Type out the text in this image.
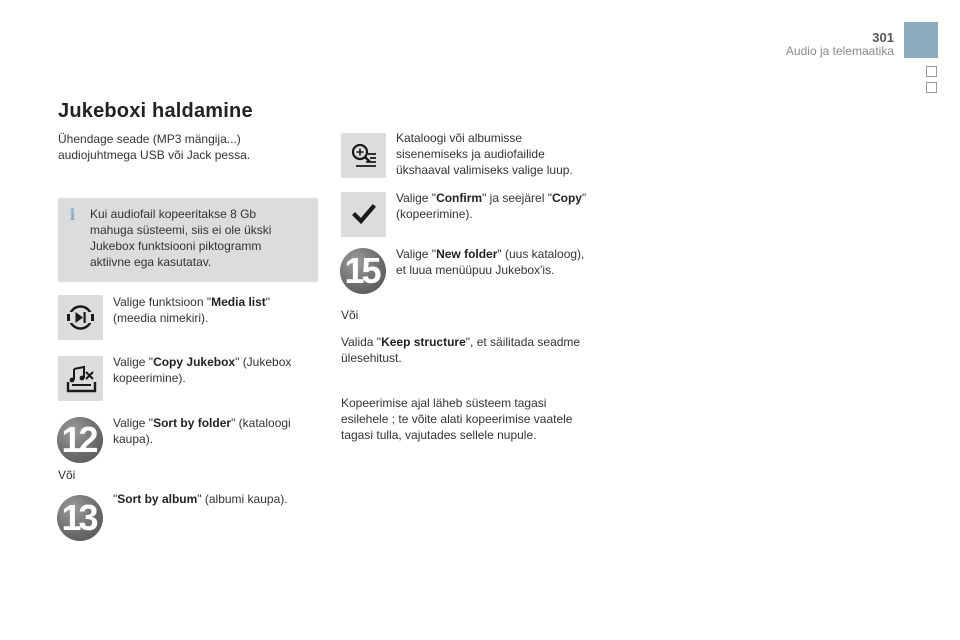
301
Audio ja telemaatika
Jukeboxi haldamine
Ühendage seade (MP3 mängija...)
audiojuhtmega USB või Jack pessa.
i Kui audiofail kopeeritakse 8 Gb
mahuga süsteemi, siis ei ole ükski
Jukebox funktsiooni piktogramm
aktiivne ega kasutatav.
Valige funktsioon "Media list"
(meedia nimekiri).
Valige "Copy Jukebox" (Jukebox
kopeerimine).
12	Valige "Sort by folder" (kataloogi
kaupa).
Või
13	"Sort by album" (albumi kaupa).
Kataloogi või albumisse
sisenemiseks ja audiofailide
ükshaaval valimiseks valige luup.
Valige "Confirm" ja seejärel "Copy"
(kopeerimine).
15	Valige "New folder" (uus kataloog),
et luua menüüpuu Jukebox'is.
Või
Valida "Keep structure", et säilitada seadme
ülesehitust.
Kopeerimise ajal läheb süsteem tagasi
esilehele ; te võite alati kopeerimise vaatele
tagasi tulla, vajutades sellele nupule.
